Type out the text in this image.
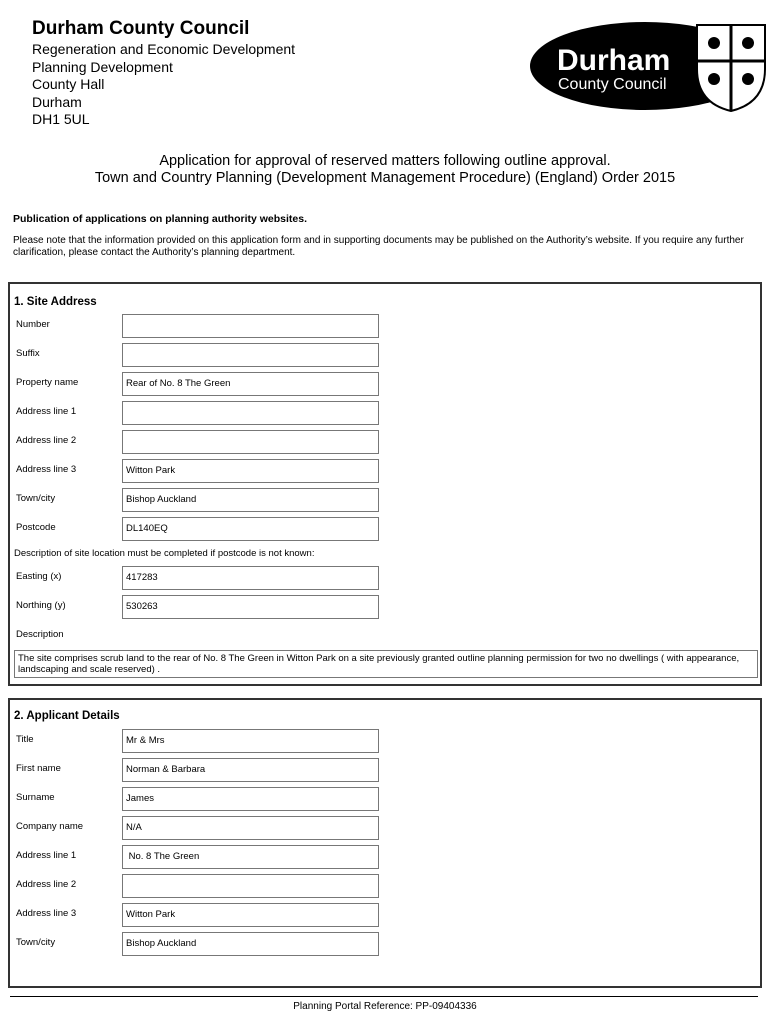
Durham County Council
Regeneration and Economic Development
Planning Development
County Hall
Durham
DH1 5UL
Durham
County Council
Application for approval of reserved matters following outline approval.
Town and Country Planning (Development Management Procedure) (England) Order 2015
Publication of applications on planning authority websites.
Please note that the information provided on this application form and in supporting documents may be published on the Authority’s website. If you require any further clarification, please contact the Authority’s planning department.
1. Site Address
Number
Suffix
Property name	Rear of No. 8 The Green
Address line 1
Address line 2
Address line 3	Witton Park
Town/city	Bishop Auckland
Postcode	DL140EQ
Description of site location must be completed if postcode is not known:
Easting (x)	417283
Northing (y)	530263
Description
The site comprises scrub land to the rear of No. 8 The Green in Witton Park on a site previously granted outline planning permission for two no dwellings ( with appearance, landscaping and scale reserved) .
2. Applicant Details
Title	Mr & Mrs
First name	Norman & Barbara
Surname	James
Company name	N/A
Address line 1	No. 8 The Green
Address line 2
Address line 3	Witton Park
Town/city	Bishop Auckland
Planning Portal Reference: PP-09404336
